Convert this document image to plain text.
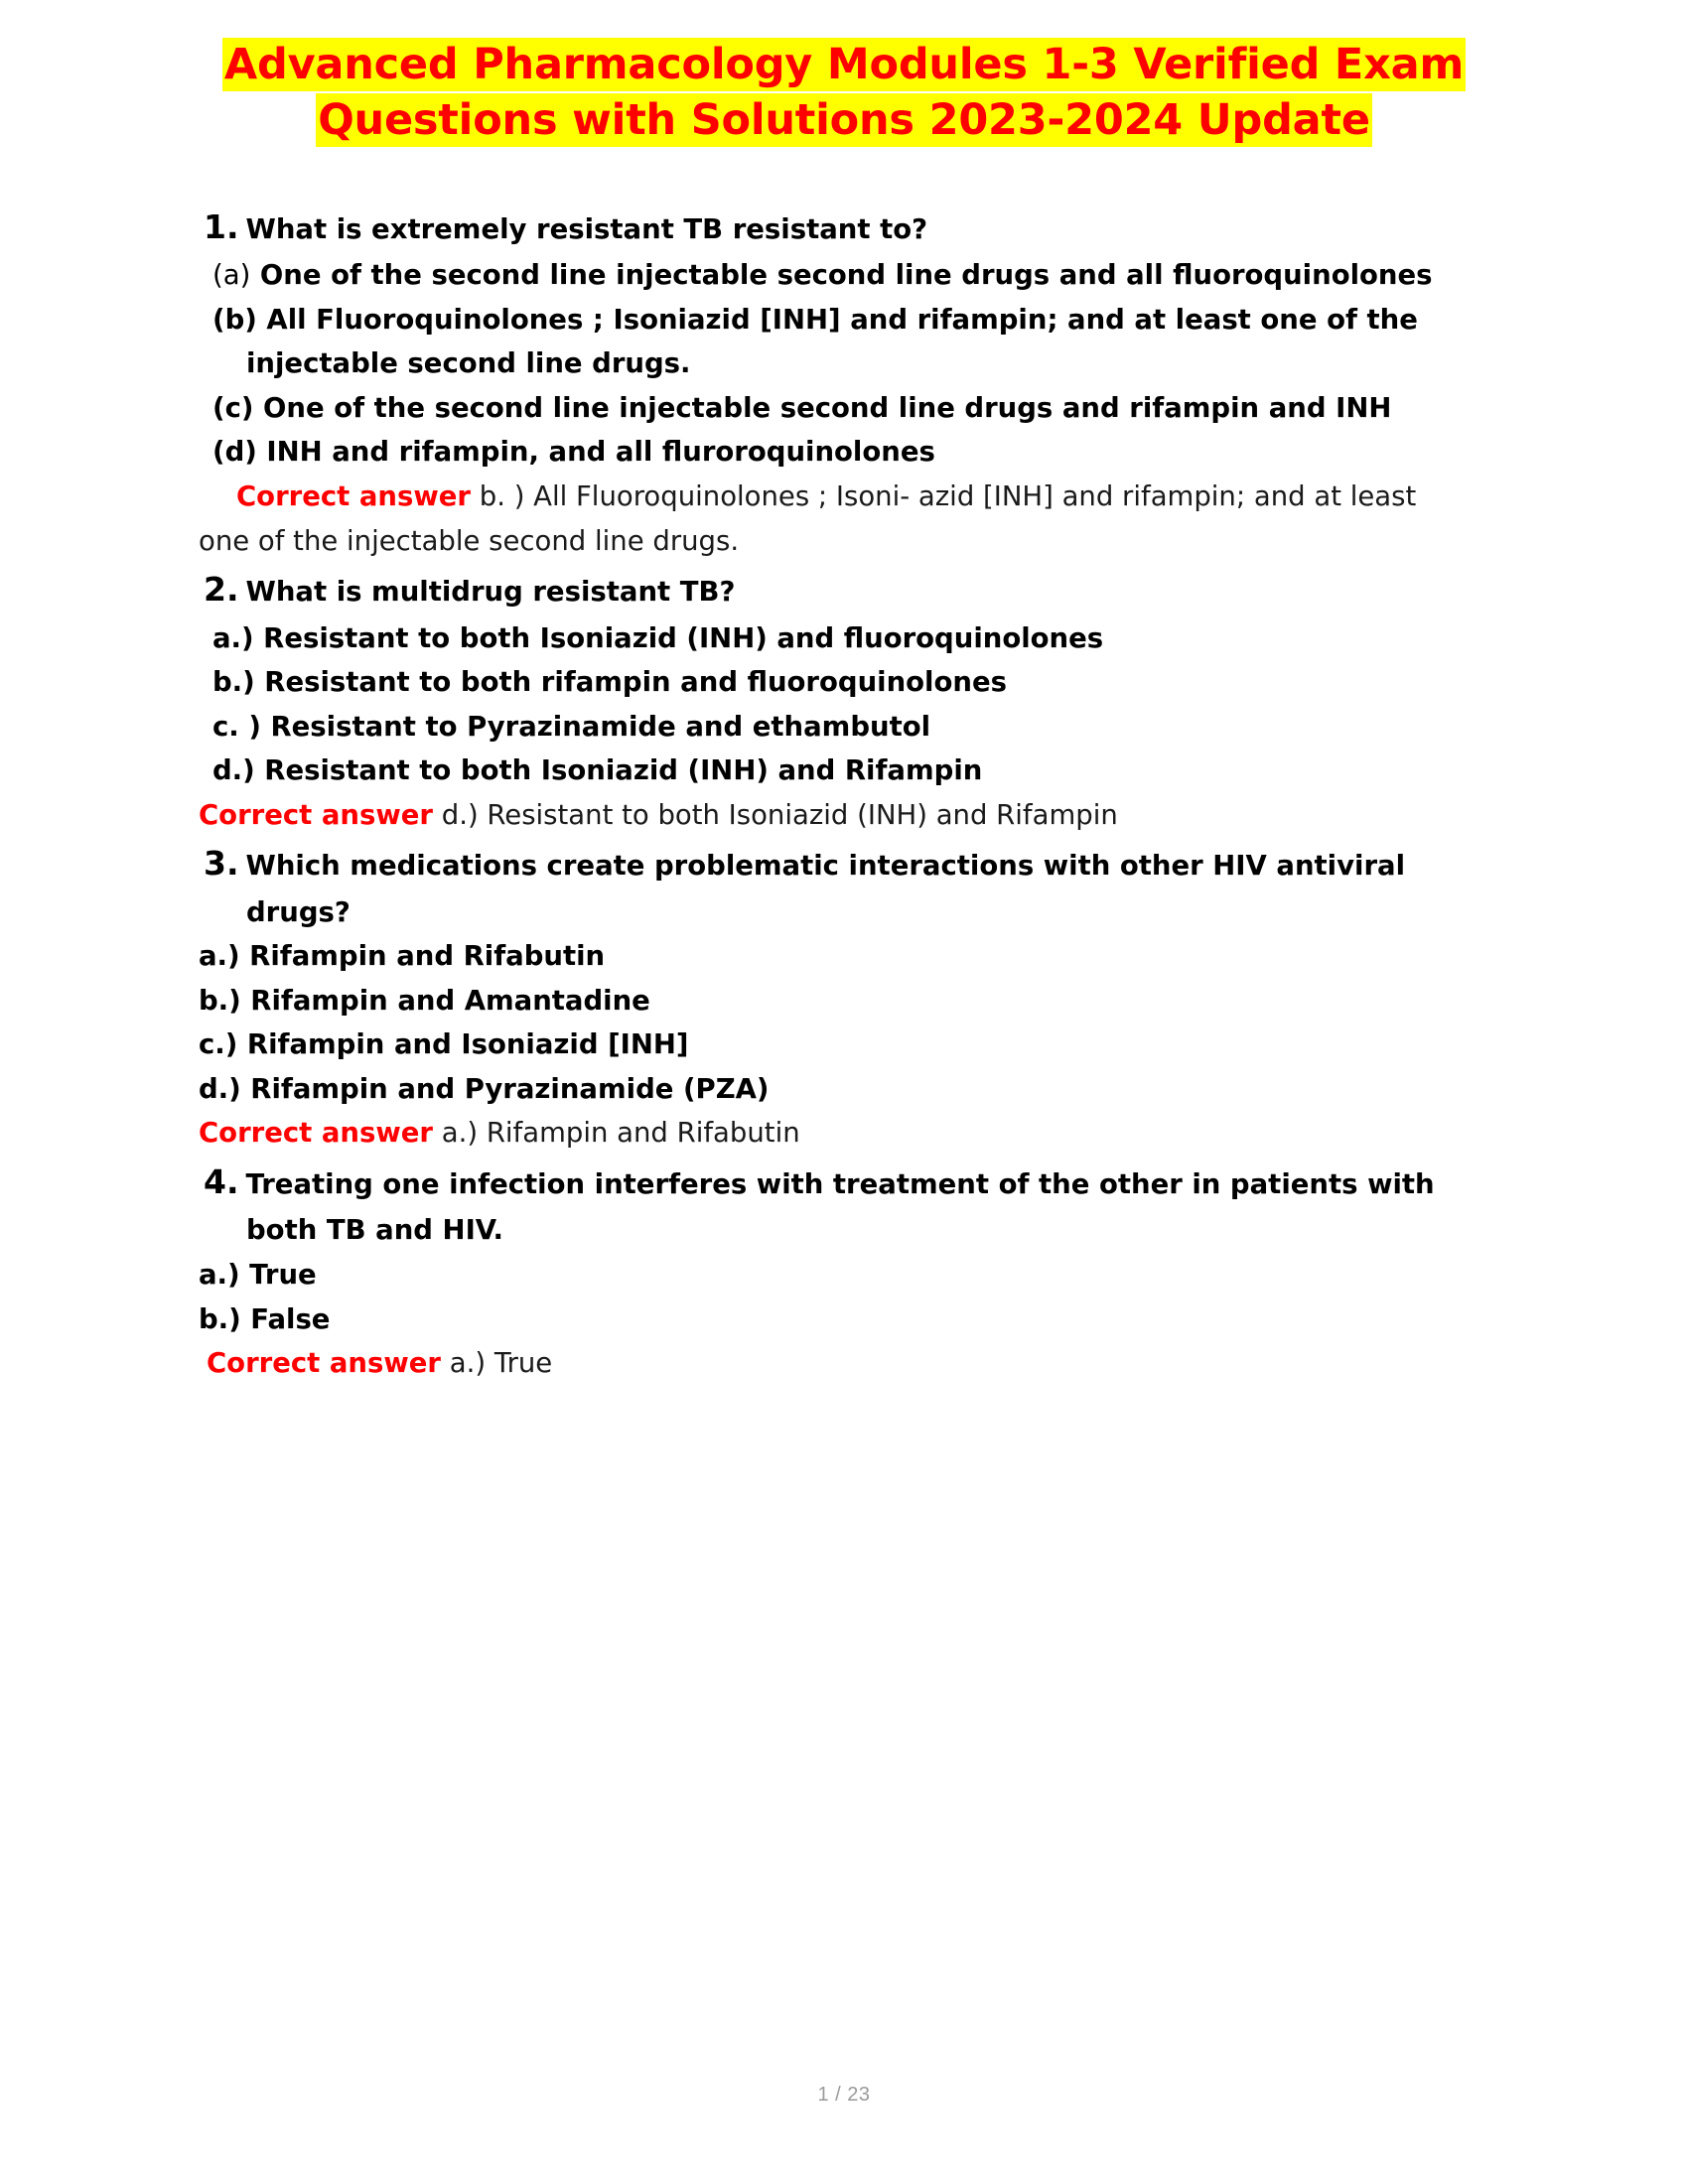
Advanced Pharmacology Modules 1-3 Verified Exam
Questions with Solutions 2023-2024 Update
1. What is extremely resistant TB resistant to?
(a) One of the second line injectable second line drugs and all fluoroquinolones
(b) All Fluoroquinolones ; Isoniazid [INH] and rifampin; and at least one of the
injectable second line drugs.
(c) One of the second line injectable second line drugs and rifampin and INH
(d) INH and rifampin, and all fluroroquinolones
Correct answer b. ) All Fluoroquinolones ; Isoni- azid [INH] and rifampin; and at least
one of the injectable second line drugs.
2. What is multidrug resistant TB?
a.) Resistant to both Isoniazid (INH) and fluoroquinolones
b.) Resistant to both rifampin and fluoroquinolones
c. ) Resistant to Pyrazinamide and ethambutol
d.) Resistant to both Isoniazid (INH) and Rifampin
Correct answer d.) Resistant to both Isoniazid (INH) and Rifampin
3. Which medications create problematic interactions with other HIV antiviral
drugs?
a.) Rifampin and Rifabutin
b.) Rifampin and Amantadine
c.) Rifampin and Isoniazid [INH]
d.) Rifampin and Pyrazinamide (PZA)
Correct answer a.) Rifampin and Rifabutin
4. Treating one infection interferes with treatment of the other in patients with
both TB and HIV.
a.) True
b.) False
Correct answer a.) True
1 / 23
